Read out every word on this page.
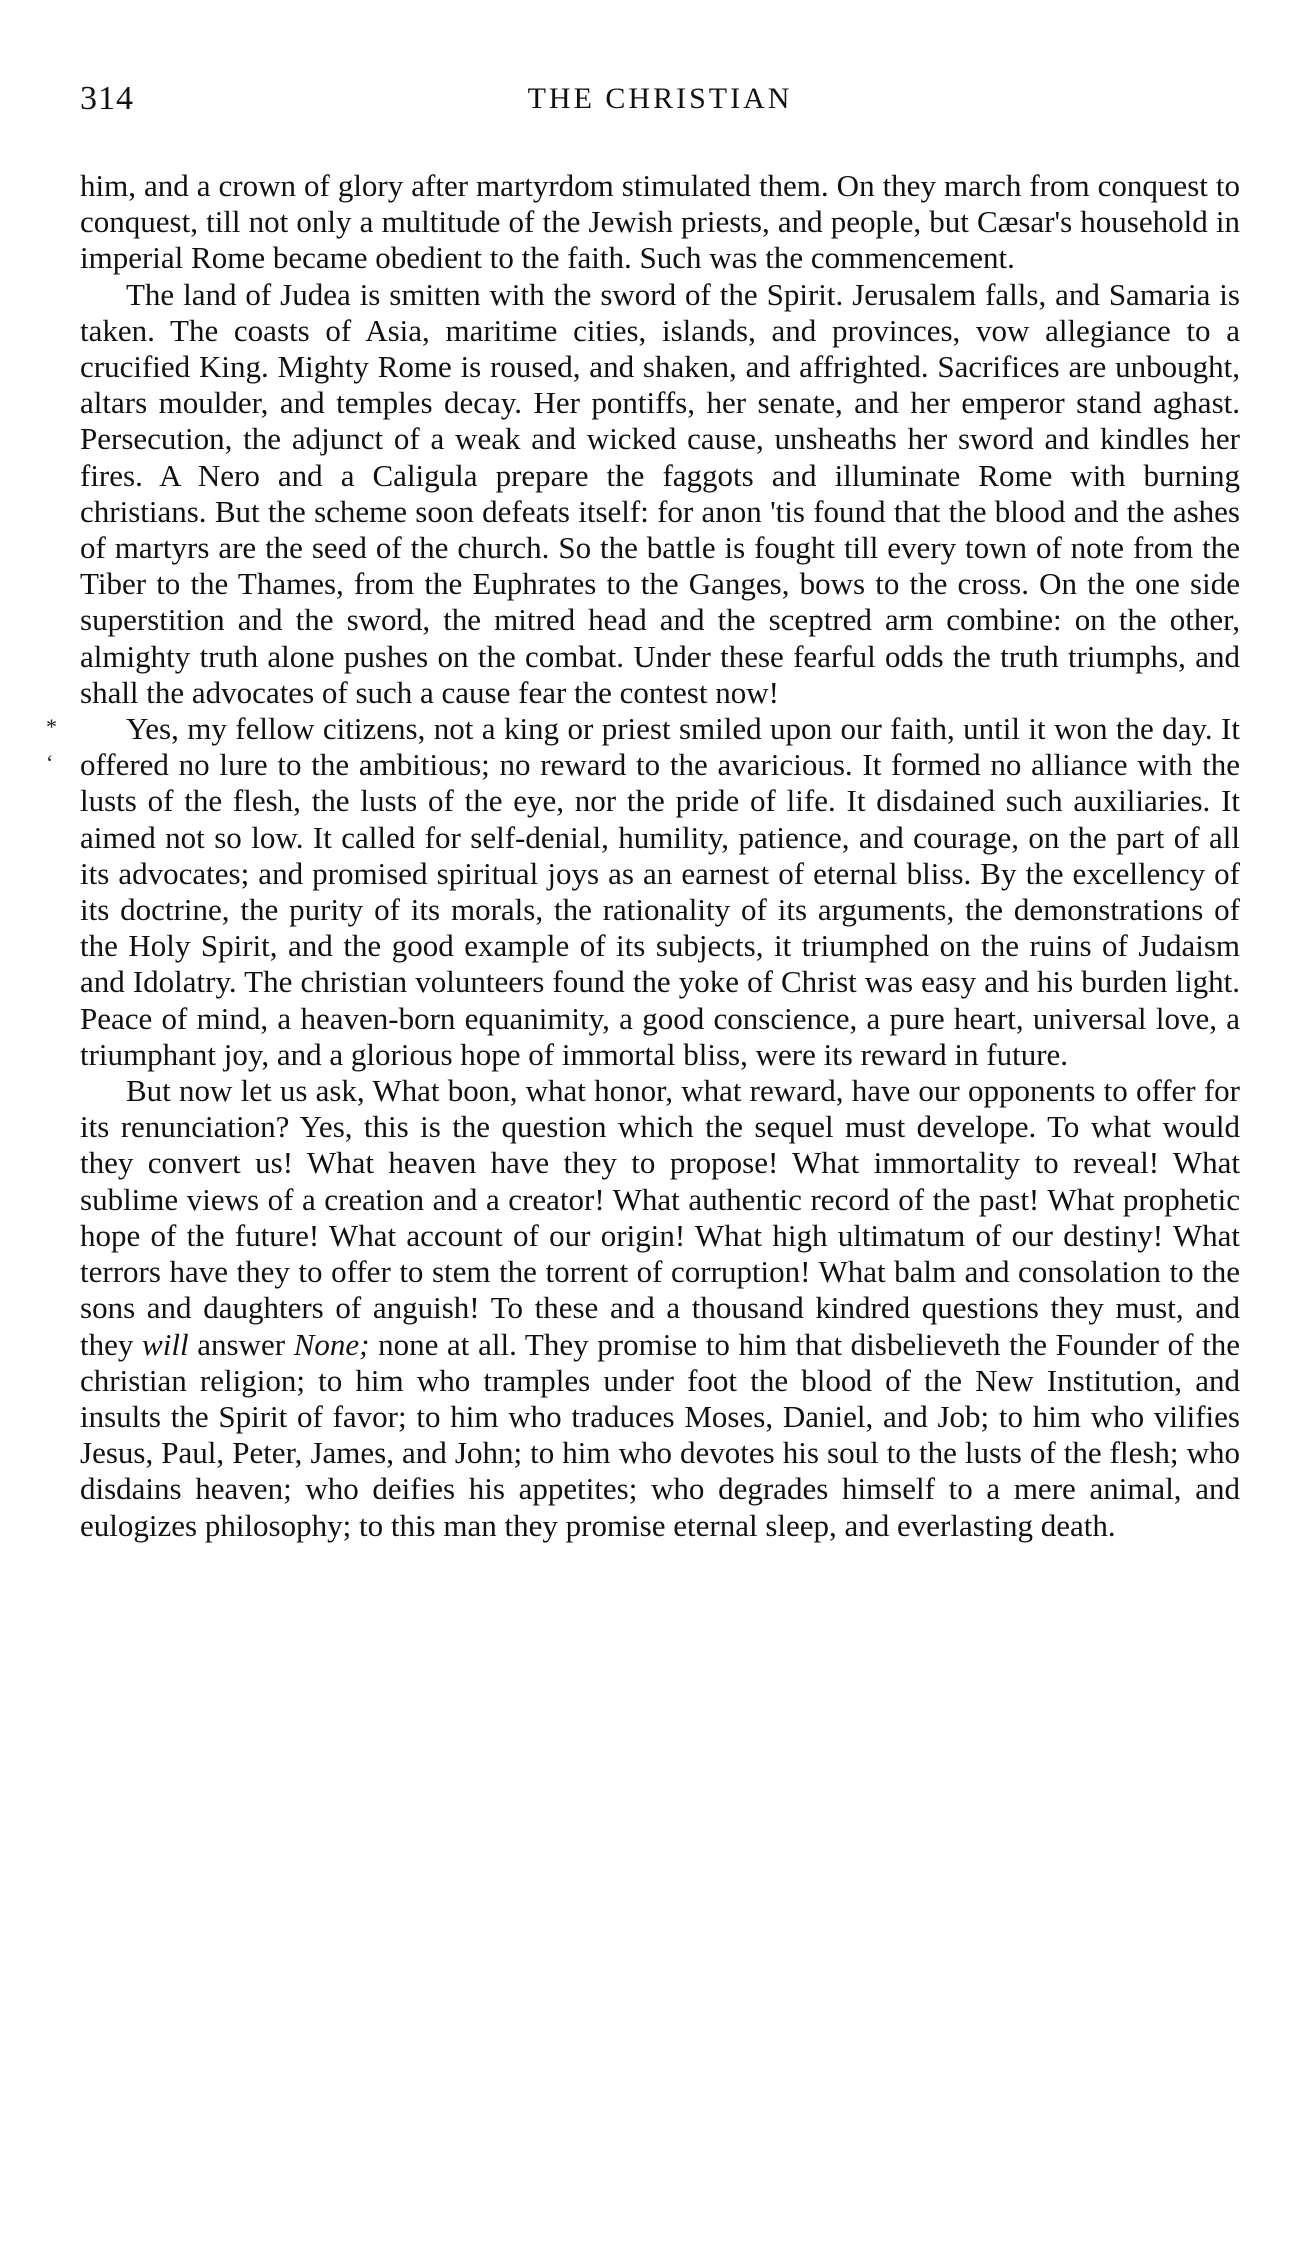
314	THE CHRISTIAN
*
‘

him, and a crown of glory after martyrdom stimulated them. On they march from conquest to conquest, till not only a multitude of the Jewish priests, and people, but Cæsar's household in imperial Rome became obedient to the faith. Such was the commencement.

The land of Judea is smitten with the sword of the Spirit. Jerusalem falls, and Samaria is taken. The coasts of Asia, maritime cities, islands, and provinces, vow allegiance to a crucified King. Mighty Rome is roused, and shaken, and affrighted. Sacrifices are unbought, altars moulder, and temples decay. Her pontiffs, her senate, and her emperor stand aghast. Persecution, the adjunct of a weak and wicked cause, unsheaths her sword and kindles her fires. A Nero and a Caligula prepare the faggots and illuminate Rome with burning christians. But the scheme soon defeats itself: for anon 'tis found that the blood and the ashes of martyrs are the seed of the church. So the battle is fought till every town of note from the Tiber to the Thames, from the Euphrates to the Ganges, bows to the cross. On the one side superstition and the sword, the mitred head and the sceptred arm combine: on the other, almighty truth alone pushes on the combat. Under these fearful odds the truth triumphs, and shall the advocates of such a cause fear the contest now!

Yes, my fellow citizens, not a king or priest smiled upon our faith, until it won the day. It offered no lure to the ambitious; no reward to the avaricious. It formed no alliance with the lusts of the flesh, the lusts of the eye, nor the pride of life. It disdained such auxiliaries. It aimed not so low. It called for self-denial, humility, patience, and courage, on the part of all its advocates; and promised spiritual joys as an earnest of eternal bliss. By the excellency of its doctrine, the purity of its morals, the rationality of its arguments, the demonstrations of the Holy Spirit, and the good example of its subjects, it triumphed on the ruins of Judaism and Idolatry. The christian volunteers found the yoke of Christ was easy and his burden light. Peace of mind, a heaven-born equanimity, a good conscience, a pure heart, universal love, a triumphant joy, and a glorious hope of immortal bliss, were its reward in future.

But now let us ask, What boon, what honor, what reward, have our opponents to offer for its renunciation? Yes, this is the question which the sequel must develope. To what would they convert us! What heaven have they to propose! What immortality to reveal! What sublime views of a creation and a creator! What authentic record of the past! What prophetic hope of the future! What account of our origin! What high ultimatum of our destiny! What terrors have they to offer to stem the torrent of corruption! What balm and consolation to the sons and daughters of anguish! To these and a thousand kindred questions they must, and they will answer None; none at all. They promise to him that disbelieveth the Founder of the christian religion; to him who tramples under foot the blood of the New Institution, and insults the Spirit of favor; to him who traduces Moses, Daniel, and Job; to him who vilifies Jesus, Paul, Peter, James, and John; to him who devotes his soul to the lusts of the flesh; who disdains heaven; who deifies his appetites; who degrades himself to a mere animal, and eulogizes philosophy; to this man they promise eternal sleep, and everlasting death.
